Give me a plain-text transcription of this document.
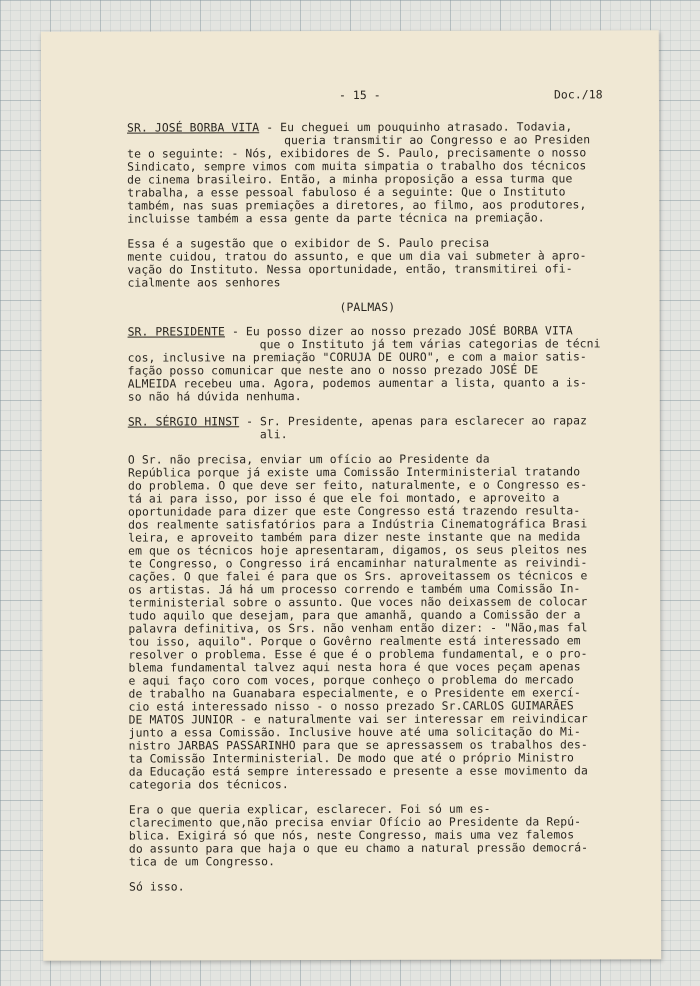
- 15 -	Doc./18

SR. JOSÉ BORBA VITA - Eu cheguei um pouquinho atrasado. Todavia,

queria transmitir ao Congresso e ao Presiden

te o seguinte: - Nós, exibidores de S. Paulo, precisamente o nosso

Sindicato, sempre vimos com muita simpatia o trabalho dos técnicos

de cinema brasileiro. Então, a minha proposição a essa turma que

trabalha, a esse pessoal fabuloso é a seguinte: Que o Instituto

também, nas suas premiações a diretores, ao filmo, aos produtores,

incluisse também a essa gente da parte técnica na premiação.

Essa é a sugestão que o exibidor de S. Paulo precisa

mente cuidou, tratou do assunto, e que um dia vai submeter à apro-

vação do Instituto. Nessa oportunidade, então, transmitirei ofi-

cialmente aos senhores

(PALMAS)

SR. PRESIDENTE - Eu posso dizer ao nosso prezado JOSÉ BORBA VITA

que o Instituto já tem várias categorias de técni

cos, inclusive na premiação "CORUJA DE OURO", e com a maior satis-

fação posso comunicar que neste ano o nosso prezado JOSÉ DE

ALMEIDA recebeu uma. Agora, podemos aumentar a lista, quanto a is-

so não há dúvida nenhuma.

SR. SÉRGIO HINST - Sr. Presidente, apenas para esclarecer ao rapaz

ali.

O Sr. não precisa, enviar um ofício ao Presidente da

República porque já existe uma Comissão Interministerial tratando

do problema. O que deve ser feito, naturalmente, e o Congresso es-

tá ai para isso, por isso é que ele foi montado, e aproveito a

oportunidade para dizer que este Congresso está trazendo resulta-

dos realmente satisfatórios para a Indústria Cinematográfica Brasi

leira, e aproveito também para dizer neste instante que na medida

em que os técnicos hoje apresentaram, digamos, os seus pleitos nes

te Congresso, o Congresso irá encaminhar naturalmente as reivindi-

cações. O que falei é para que os Srs. aproveitassem os técnicos e

os artistas. Já há um processo correndo e também uma Comissão In-

terministerial sobre o assunto. Que voces não deixassem de colocar

tudo aquilo que desejam, para que amanhã, quando a Comissão der a

palavra definitiva, os Srs. não venham então dizer: - "Não,mas fal

tou isso, aquilo". Porque o Govêrno realmente está interessado em

resolver o problema. Esse é que é o problema fundamental, e o pro-

blema fundamental talvez aqui nesta hora é que voces peçam apenas

e aqui faço coro com voces, porque conheço o problema do mercado

de trabalho na Guanabara especialmente, e o Presidente em exercí-

cio está interessado nisso - o nosso prezado Sr.CARLOS GUIMARÃES

DE MATOS JUNIOR - e naturalmente vai ser interessar em reivindicar

junto a essa Comissão. Inclusive houve até uma solicitação do Mi-

nistro JARBAS PASSARINHO para que se apressassem os trabalhos des-

ta Comissão Interministerial. De modo que até o próprio Ministro

da Educação está sempre interessado e presente a esse movimento da

categoria dos técnicos.

Era o que queria explicar, esclarecer. Foi só um es-

clarecimento que,não precisa enviar Ofício ao Presidente da Repú-

blica. Exigirá só que nós, neste Congresso, mais uma vez falemos

do assunto para que haja o que eu chamo a natural pressão democrá-

tica de um Congresso.

Só isso.
